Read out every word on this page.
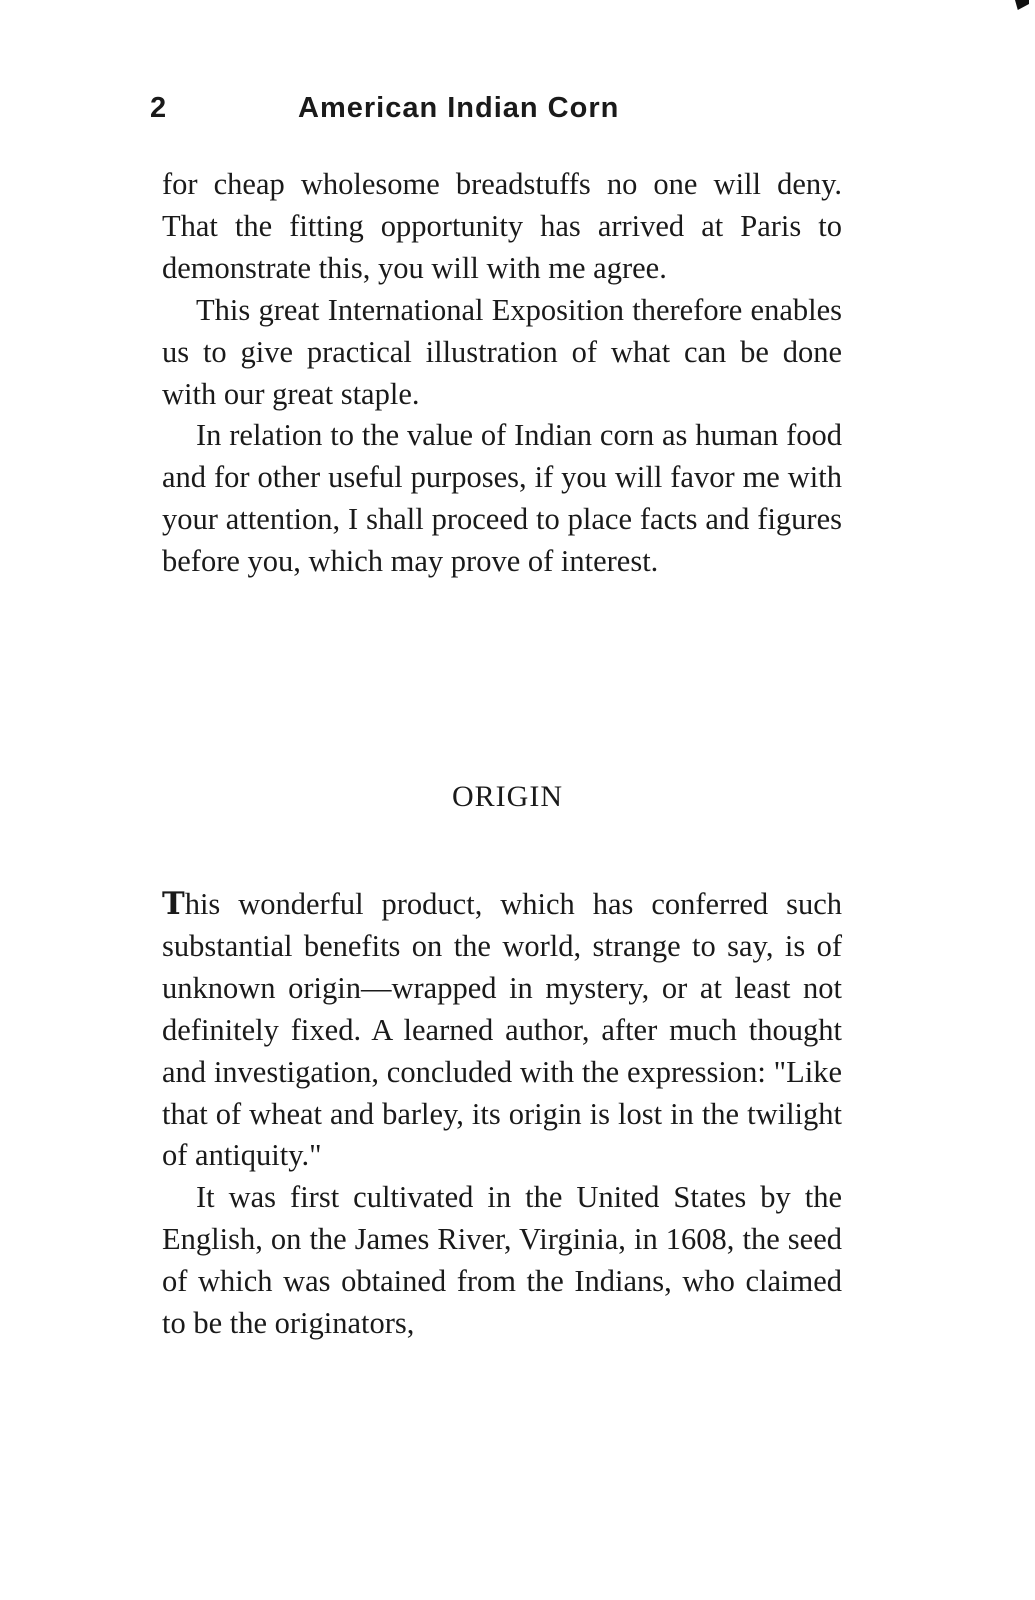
2	American Indian Corn

for cheap wholesome breadstuffs no one will deny. That the fitting opportunity has arrived at Paris to demonstrate this, you will with me agree.

This great International Exposition therefore enables us to give practical illustration of what can be done with our great staple.

In relation to the value of Indian corn as human food and for other useful purposes, if you will favor me with your attention, I shall proceed to place facts and figures before you, which may prove of interest.

ORIGIN

This wonderful product, which has conferred such substantial benefits on the world, strange to say, is of unknown origin—wrapped in mystery, or at least not definitely fixed. A learned author, after much thought and investigation, concluded with the expression: "Like that of wheat and barley, its origin is lost in the twilight of antiquity."

It was first cultivated in the United States by the English, on the James River, Virginia, in 1608, the seed of which was obtained from the Indians, who claimed to be the originators,
